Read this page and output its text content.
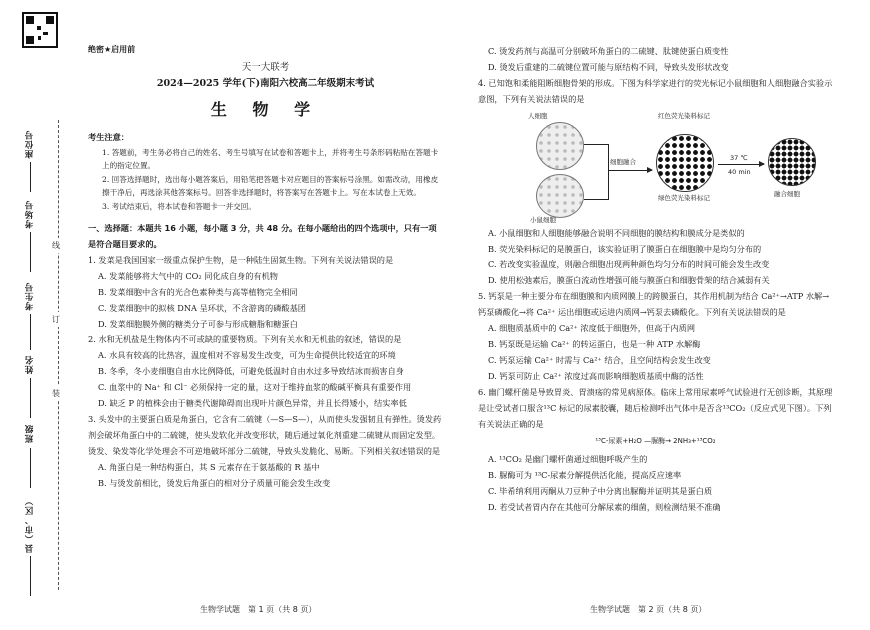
座位号
考场号
考生号
姓名
班级
县（市、区）
线
订
装
绝密★启用前
天一大联考
2024—2025 学年(下)南阳六校高二年级期末考试
生 物 学
考生注意：
1. 答题前，考生务必将自己的姓名、考生号填写在试卷和答题卡上，并将考生号条形码粘贴在答题卡上的指定位置。
2. 回答选择题时，选出每小题答案后，用铅笔把答题卡对应题目的答案标号涂黑。如需改动，用橡皮擦干净后，再选涂其他答案标号。回答非选择题时，将答案写在答题卡上。写在本试卷上无效。
3. 考试结束后，将本试卷和答题卡一并交回。
一、选择题：本题共 16 小题，每小题 3 分，共 48 分。在每小题给出的四个选项中，只有一项是符合题目要求的。
1. 发菜是我国国家一级重点保护生物，是一种陆生固氮生物。下列有关说法错误的是
A. 发菜能够将大气中的 CO₂ 同化成自身的有机物
B. 发菜细胞中含有的光合色素种类与高等植物完全相同
C. 发菜细胞中的拟核 DNA 呈环状，不含游离的磷酸基团
D. 发菜细胞膜外侧的糖类分子可参与形成糖脂和糖蛋白
2. 水和无机盐是生物体内不可或缺的重要物质。下列有关水和无机盐的叙述，错误的是
A. 水具有较高的比热容，温度相对不容易发生改变，可为生命提供比较适宜的环境
B. 冬季，冬小麦细胞自由水比例降低，可避免低温时自由水过多导致结冰而损害自身
C. 血浆中的 Na⁺ 和 Cl⁻ 必须保持一定的量，这对于维持血浆的酸碱平衡具有重要作用
D. 缺乏 P 的植株会由于糖类代谢障碍而出现叶片颜色异常，并且长得矮小，结实率低
3. 头发中的主要蛋白质是角蛋白，它含有二硫键（—S—S—），从而使头发强韧且有弹性。烫发药剂会破坏角蛋白中的二硫键，使头发软化并改变形状，随后通过氧化剂重建二硫键从而固定发型。烫发、染发等化学处理会不可逆地破坏部分二硫键，导致头发脆化、易断。下列相关叙述错误的是
A. 角蛋白是一种结构蛋白，其 S 元素存在于氨基酸的 R 基中
B. 与烫发前相比，烫发后角蛋白的相对分子质量可能会发生改变
生物学试题　第 1 页（共 8 页）
C. 烫发药剂与高温可分别破坏角蛋白的二硫键、肽键使蛋白质变性
D. 烫发后重建的二硫键位置可能与原结构不同，导致头发形状改变
4. 已知饱和柔能阻断细胞骨架的形成。下图为科学家进行的荧光标记小鼠细胞和人细胞融合实验示意图，下列有关说法错误的是
人细胞
小鼠细胞
细胞融合
红色荧光染料标记
绿色荧光染料标记
37 ℃
40 min
融合细胞
A. 小鼠细胞和人细胞能够融合说明不同细胞的膜结构和膜成分是类似的
B. 荧光染料标记的是膜蛋白，该实验证明了膜蛋白在细胞膜中是均匀分布的
C. 若改变实验温度，则融合细胞出现两种颜色均匀分布的时间可能会发生改变
D. 使用松弛素后，膜蛋白流动性增强可能与膜蛋白和细胞骨架的结合减弱有关
5. 钙泵是一种主要分布在细胞膜和内质网膜上的跨膜蛋白，其作用机制为结合 Ca²⁺→ATP 水解→钙泵磷酸化→将 Ca²⁺ 运出细胞或运进内质网→钙泵去磷酸化。下列有关说法错误的是
A. 细胞质基质中的 Ca²⁺ 浓度低于细胞外，但高于内质网
B. 钙泵既是运输 Ca²⁺ 的转运蛋白，也是一种 ATP 水解酶
C. 钙泵运输 Ca²⁺ 时需与 Ca²⁺ 结合，且空间结构会发生改变
D. 钙泵可防止 Ca²⁺ 浓度过高而影响细胞质基质中酶的活性
6. 幽门螺杆菌是导致胃炎、胃溃疡的常见病原体。临床上常用尿素呼气试验进行无创诊断，其原理是让受试者口服含¹³C 标记的尿素胶囊，随后检测呼出气体中是否含¹³CO₂（反应式见下图）。下列有关说法正确的是
¹³C-尿素+H₂O —脲酶→ 2NH₃+¹³CO₂
A. ¹³CO₂ 是幽门螺杆菌通过细胞呼吸产生的
B. 脲酶可为 ¹³C-尿素分解提供活化能，提高反应速率
C. 毕希纳利用丙酮从刀豆种子中分离出脲酶并证明其是蛋白质
D. 若受试者胃内存在其他可分解尿素的细菌，则检测结果不准确
生物学试题　第 2 页（共 8 页）
